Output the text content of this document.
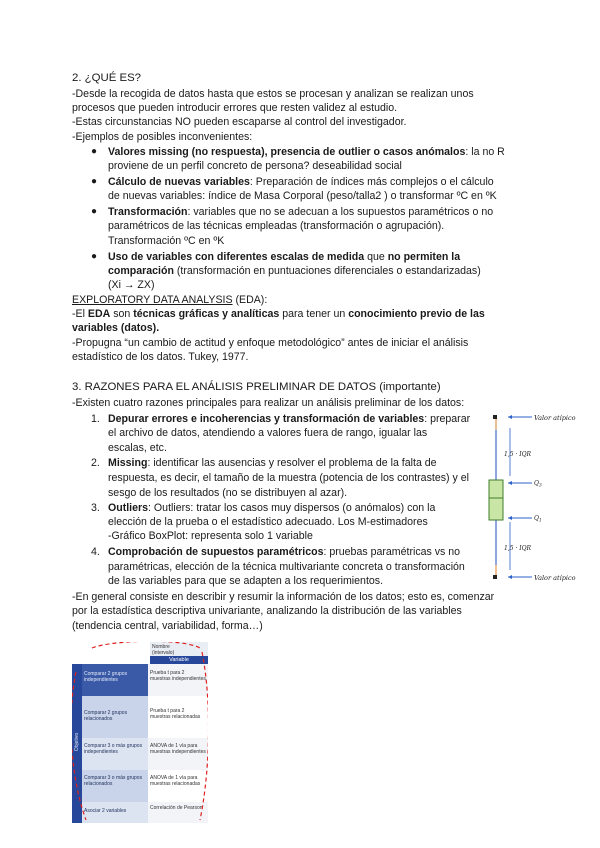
2. ¿QUÉ ES?
-Desde la recogida de datos hasta que estos se procesan y analizan se realizan unos
procesos que pueden introducir errores que resten validez al estudio.
-Estas circunstancias NO pueden escaparse al control del investigador.
-Ejemplos de posibles inconvenientes:
● Valores missing (no respuesta), presencia de outlier o casos anómalos: la no R
proviene de un perfil concreto de persona? deseabilidad social
● Cálculo de nuevas variables: Preparación de índices más complejos o el cálculo
de nuevas variables: índice de Masa Corporal (peso/talla2 ) o transformar ºC en ºK
● Transformación: variables que no se adecuan a los supuestos paramétricos o no
paramétricos de las técnicas empleadas (transformación o agrupación).
Transformación ºC en ºK
● Uso de variables con diferentes escalas de medida que no permiten la
comparación (transformación en puntuaciones diferenciales o estandarizadas)
(Xi → ZX)
EXPLORATORY DATA ANALYSIS (EDA):
-El EDA son técnicas gráficas y analíticas para tener un conocimiento previo de las
variables (datos).
-Propugna “un cambio de actitud y enfoque metodológico” antes de iniciar el análisis
estadístico de los datos. Tukey, 1977.
3. RAZONES PARA EL ANÁLISIS PRELIMINAR DE DATOS (importante)
-Existen cuatro razones principales para realizar un análisis preliminar de los datos:
1. Depurar errores e incoherencias y transformación de variables: preparar
el archivo de datos, atendiendo a valores fuera de rango, igualar las
escalas, etc.
2. Missing: identificar las ausencias y resolver el problema de la falta de
respuesta, es decir, el tamaño de la muestra (potencia de los contrastes) y el
sesgo de los resultados (no se distribuyen al azar).
3. Outliers: Outliers: tratar los casos muy dispersos (o anómalos) con la
elección de la prueba o el estadístico adecuado. Los M-estimadores
-Gráfico BoxPlot: representa solo 1 variable
4. Comprobación de supuestos paramétricos: pruebas paramétricas vs no
paramétricas, elección de la técnica multivariante concreta o transformación
de las variables para que se adapten a los requerimientos.
-En general consiste en describir y resumir la información de los datos; esto es, comenzar
por la estadística descriptiva univariante, analizando la distribución de las variables
(tendencia central, variabilidad, forma…)
Valor atípico
Valor atípico
1,5 · IQR
1,5 · IQR
$Q_3$
$Q_1$
Nombre
(intervalo)
Variable
Objetivo
Comparar 2 grupos independientes
Prueba t para 2 muestras independientes
Comparar 2 grupos relacionados
Prueba t para 2 muestras relacionadas
Comparar 3 o más grupos independientes
ANOVA de 1 vía para muestras independientes
Comparar 3 o más grupos relacionados
ANOVA de 1 vía para muestras relacionadas
Asociar 2 variables	Correlación de Pearson
